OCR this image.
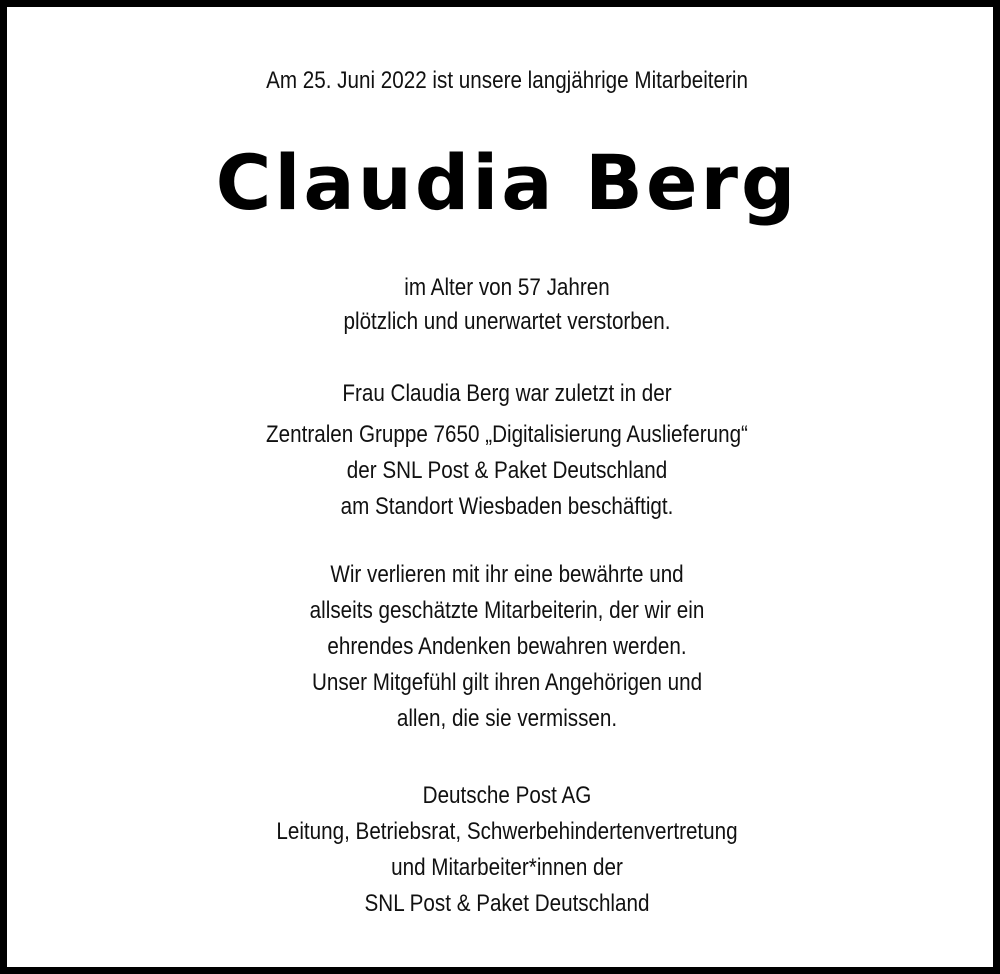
Am 25. Juni 2022 ist unsere langjährige Mitarbeiterin
Claudia Berg
im Alter von 57 Jahren
plötzlich und unerwartet verstorben.
Frau Claudia Berg war zuletzt in der
Zentralen Gruppe 7650 „Digitalisierung Auslieferung“
der SNL Post & Paket Deutschland
am Standort Wiesbaden beschäftigt.
Wir verlieren mit ihr eine bewährte und
allseits geschätzte Mitarbeiterin, der wir ein
ehrendes Andenken bewahren werden.
Unser Mitgefühl gilt ihren Angehörigen und
allen, die sie vermissen.
Deutsche Post AG
Leitung, Betriebsrat, Schwerbehindertenvertretung
und Mitarbeiter*innen der
SNL Post & Paket Deutschland
